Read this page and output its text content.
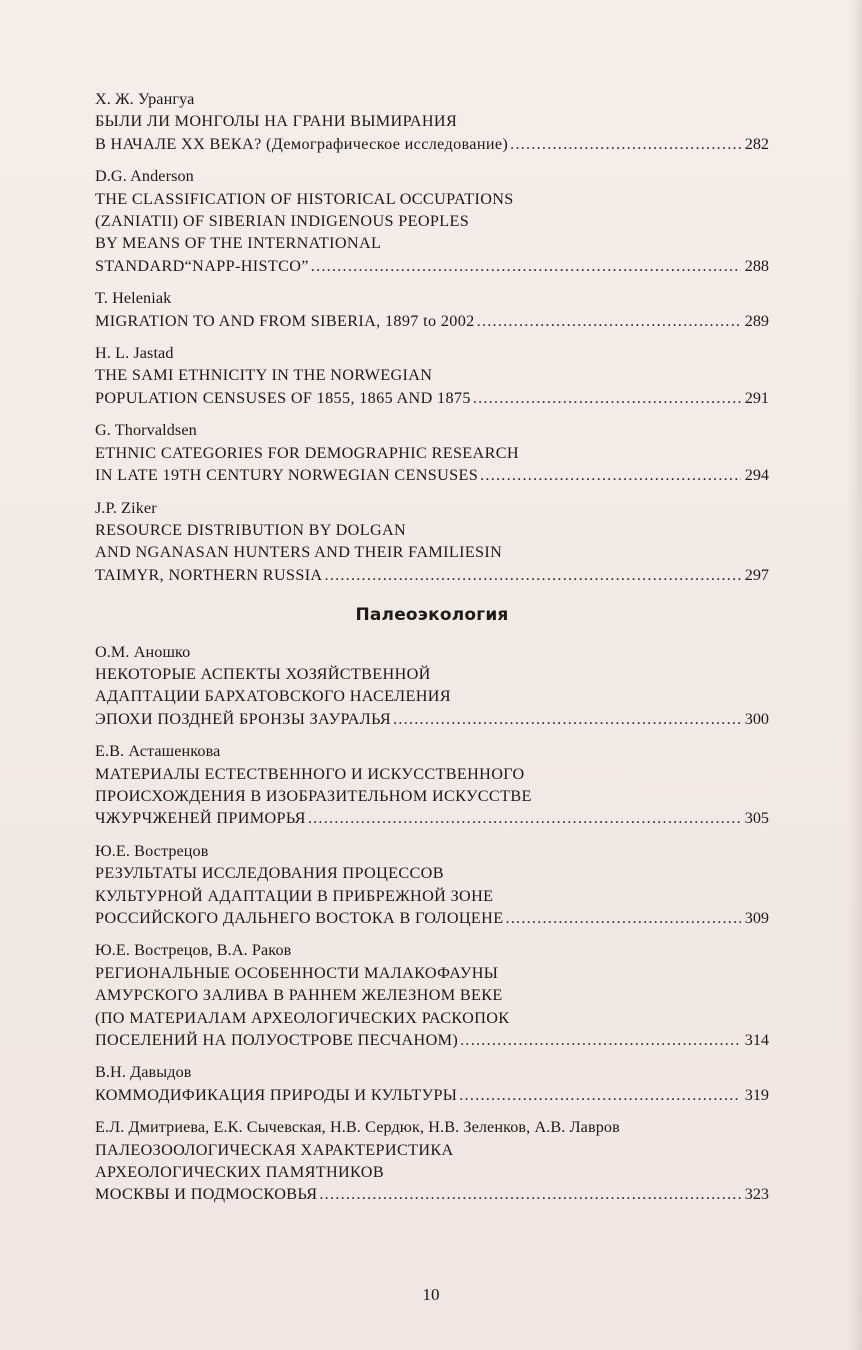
Х. Ж. Урангуа
БЫЛИ ЛИ МОНГОЛЫ НА ГРАНИ ВЫМИРАНИЯ
В НАЧАЛЕ XX ВЕКА? (Демографическое исследование) . . .	282
D.G. Anderson
THE CLASSIFICATION OF HISTORICAL OCCUPATIONS
(ZANIATII) OF SIBERIAN INDIGENOUS PEOPLES
BY MEANS OF THE INTERNATIONAL
STANDARD“NAPP-HISTCO” . . .	288
T. Heleniak
MIGRATION TO AND FROM SIBERIA, 1897 to 2002 . . .	289
H. L. Jastad
THE SAMI ETHNICITY IN THE NORWEGIAN
POPULATION CENSUSES OF 1855, 1865 AND 1875 . . .	291
G. Thorvaldsen
ETHNIC CATEGORIES FOR DEMOGRAPHIC RESEARCH
IN LATE 19TH CENTURY NORWEGIAN CENSUSES . . .	294
J.P. Ziker
RESOURCE DISTRIBUTION BY DOLGAN
AND NGANASAN HUNTERS AND THEIR FAMILIESIN
TAIMYR, NORTHERN RUSSIA . . .	297
Палеоэкология
О.М. Аношко
НЕКОТОРЫЕ АСПЕКТЫ ХОЗЯЙСТВЕННОЙ
АДАПТАЦИИ БАРХАТОВСКОГО НАСЕЛЕНИЯ
ЭПОХИ ПОЗДНЕЙ БРОНЗЫ ЗАУРАЛЬЯ . . .	300
Е.В. Асташенкова
МАТЕРИАЛЫ ЕСТЕСТВЕННОГО И ИСКУССТВЕННОГО
ПРОИСХОЖДЕНИЯ В ИЗОБРАЗИТЕЛЬНОМ ИСКУССТВЕ
ЧЖУРЧЖЕНЕЙ ПРИМОРЬЯ . . .	305
Ю.Е. Вострецов
РЕЗУЛЬТАТЫ ИССЛЕДОВАНИЯ ПРОЦЕССОВ
КУЛЬТУРНОЙ АДАПТАЦИИ В ПРИБРЕЖНОЙ ЗОНЕ
РОССИЙСКОГО ДАЛЬНЕГО ВОСТОКА В ГОЛОЦЕНЕ . . .	309
Ю.Е. Вострецов, В.А. Раков
РЕГИОНАЛЬНЫЕ ОСОБЕННОСТИ МАЛАКОФАУНЫ
АМУРСКОГО ЗАЛИВА В РАННЕМ ЖЕЛЕЗНОМ ВЕКЕ
(ПО МАТЕРИАЛАМ АРХЕОЛОГИЧЕСКИХ РАСКОПОК
ПОСЕЛЕНИЙ НА ПОЛУОСТРОВЕ ПЕСЧАНОМ) . . .	314
В.Н. Давыдов
КОММОДИФИКАЦИЯ ПРИРОДЫ И КУЛЬТУРЫ . . .	319
Е.Л. Дмитриева, Е.К. Сычевская, Н.В. Сердюк, Н.В. Зеленков, А.В. Лавров
ПАЛЕОЗООЛОГИЧЕСКАЯ ХАРАКТЕРИСТИКА
АРХЕОЛОГИЧЕСКИХ ПАМЯТНИКОВ
МОСКВЫ И ПОДМОСКОВЬЯ . . .	323
10
